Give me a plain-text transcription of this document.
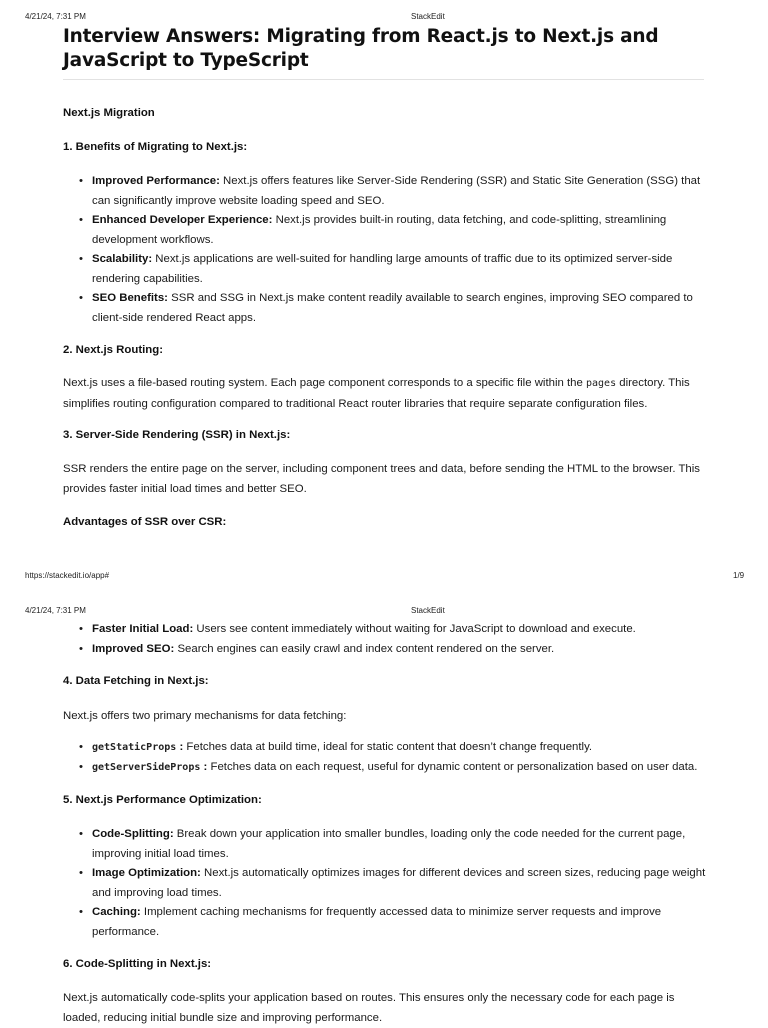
4/21/24, 7:31 PM	StackEdit
Interview Answers: Migrating from React.js to Next.js and JavaScript to TypeScript
Next.js Migration
1. Benefits of Migrating to Next.js:
• Improved Performance: Next.js offers features like Server-Side Rendering (SSR) and Static Site Generation (SSG) that can significantly improve website loading speed and SEO.
• Enhanced Developer Experience: Next.js provides built-in routing, data fetching, and code-splitting, streamlining development workflows.
• Scalability: Next.js applications are well-suited for handling large amounts of traffic due to its optimized server-side rendering capabilities.
• SEO Benefits: SSR and SSG in Next.js make content readily available to search engines, improving SEO compared to client-side rendered React apps.
2. Next.js Routing:

Next.js uses a file-based routing system. Each page component corresponds to a specific file within the pages directory. This simplifies routing configuration compared to traditional React router libraries that require separate configuration files.

3. Server-Side Rendering (SSR) in Next.js:

SSR renders the entire page on the server, including component trees and data, before sending the HTML to the browser. This provides faster initial load times and better SEO.

Advantages of SSR over CSR:
https://stackedit.io/app#	1/9
4/21/24, 7:31 PM	StackEdit
• Faster Initial Load: Users see content immediately without waiting for JavaScript to download and execute.
• Improved SEO: Search engines can easily crawl and index content rendered on the server.
4. Data Fetching in Next.js:

Next.js offers two primary mechanisms for data fetching:

• getStaticProps : Fetches data at build time, ideal for static content that doesn’t change frequently.
• getServerSideProps : Fetches data on each request, useful for dynamic content or personalization based on user data.
5. Next.js Performance Optimization:
• Code-Splitting: Break down your application into smaller bundles, loading only the code needed for the current page, improving initial load times.
• Image Optimization: Next.js automatically optimizes images for different devices and screen sizes, reducing page weight and improving load times.
• Caching: Implement caching mechanisms for frequently accessed data to minimize server requests and improve performance.
6. Code-Splitting in Next.js:

Next.js automatically code-splits your application based on routes. This ensures only the necessary code for each page is loaded, reducing initial bundle size and improving performance.
